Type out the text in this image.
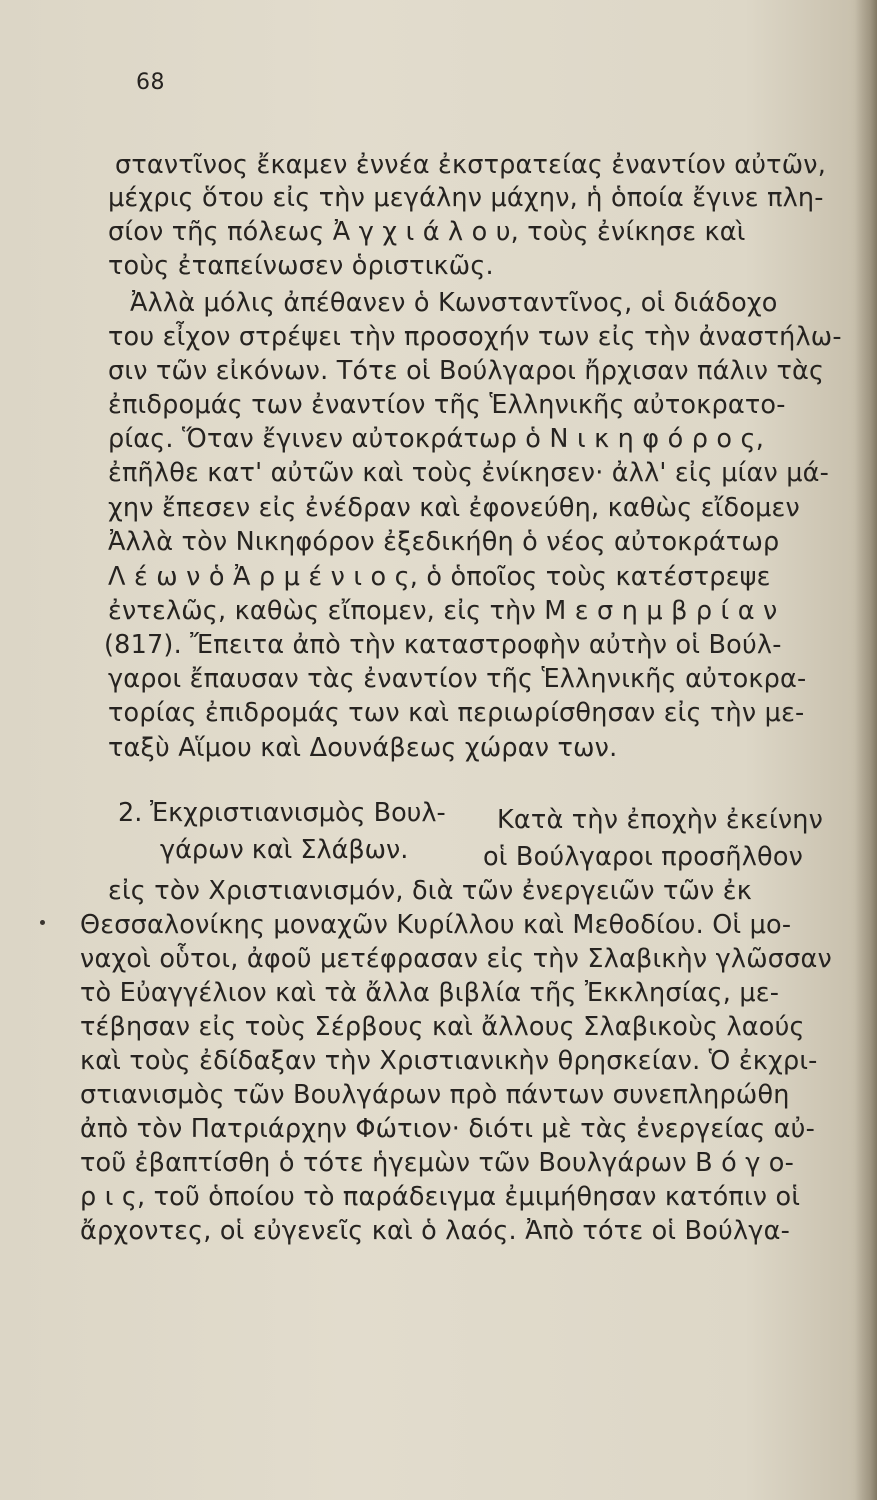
68
σταντῖνος ἔκαμεν ἐννέα ἐκστρατείας ἐναντίον αὐτῶν,
μέχρις ὅτου εἰς τὴν μεγάλην μάχην, ἡ ὁποία ἔγινε πλη-
σίον τῆς πόλεως Ἀ γ χ ι ά λ ο υ, τοὺς ἐνίκησε καὶ
τοὺς ἐταπείνωσεν ὁριστικῶς.
Ἀλλὰ μόλις ἀπέθανεν ὁ Κωνσταντῖνος, οἱ διάδοχο
του εἶχον στρέψει τὴν προσοχήν των εἰς τὴν ἀναστήλω-
σιν τῶν εἰκόνων. Τότε οἱ Βούλγαροι ἤρχισαν πάλιν τὰς
ἐπιδρομάς των ἐναντίον τῆς Ἑλληνικῆς αὐτοκρατο-
ρίας. Ὅταν ἔγινεν αὐτοκράτωρ ὁ Ν ι κ η φ ό ρ ο ς,
ἐπῆλθε κατ' αὐτῶν καὶ τοὺς ἐνίκησεν· ἀλλ' εἰς μίαν μά-
χην ἔπεσεν εἰς ἐνέδραν καὶ ἐφονεύθη, καθὼς εἴδομεν
Ἀλλὰ τὸν Νικηφόρον ἐξεδικήθη ὁ νέος αὐτοκράτωρ
Λ έ ω ν ὁ Ἀ ρ μ έ ν ι ο ς, ὁ ὁποῖος τοὺς κατέστρεψε
ἐντελῶς, καθὼς εἴπομεν, εἰς τὴν Μ ε σ η μ β ρ ί α ν
(817). Ἔπειτα ἀπὸ τὴν καταστροφὴν αὐτὴν οἱ Βούλ-
γαροι ἔπαυσαν τὰς ἐναντίον τῆς Ἑλληνικῆς αὐτοκρα-
τορίας ἐπιδρομάς των καὶ περιωρίσθησαν εἰς τὴν με-
ταξὺ Αἵμου καὶ Δουνάβεως χώραν των.
2. Ἐκχριστιανισμὸς Βουλ- Κατὰ τὴν ἐποχὴν ἐκείνην
γάρων καὶ Σλάβων.	οἱ Βούλγαροι προσῆλθον
εἰς τὸν Χριστιανισμόν, διὰ τῶν ἐνεργειῶν τῶν ἐκ
Θεσσαλονίκης μοναχῶν Κυρίλλου καὶ Μεθοδίου. Οἱ μο-
ναχοὶ οὗτοι, ἀφοῦ μετέφρασαν εἰς τὴν Σλαβικὴν γλῶσσαν
τὸ Εὐαγγέλιον καὶ τὰ ἄλλα βιβλία τῆς Ἐκκλησίας, με-
τέβησαν εἰς τοὺς Σέρβους καὶ ἄλλους Σλαβικοὺς λαούς
καὶ τοὺς ἐδίδαξαν τὴν Χριστιανικὴν θρησκείαν. Ὁ ἐκχρι-
στιανισμὸς τῶν Βουλγάρων πρὸ πάντων συνεπληρώθη
ἀπὸ τὸν Πατριάρχην Φώτιον· διότι μὲ τὰς ἐνεργείας αὐ-
τοῦ ἐβαπτίσθη ὁ τότε ἡγεμὼν τῶν Βουλγάρων Β ό γ ο-
ρ ι ς, τοῦ ὁποίου τὸ παράδειγμα ἐμιμήθησαν κατόπιν οἱ
ἄρχοντες, οἱ εὐγενεῖς καὶ ὁ λαός. Ἀπὸ τότε οἱ Βούλγα-
